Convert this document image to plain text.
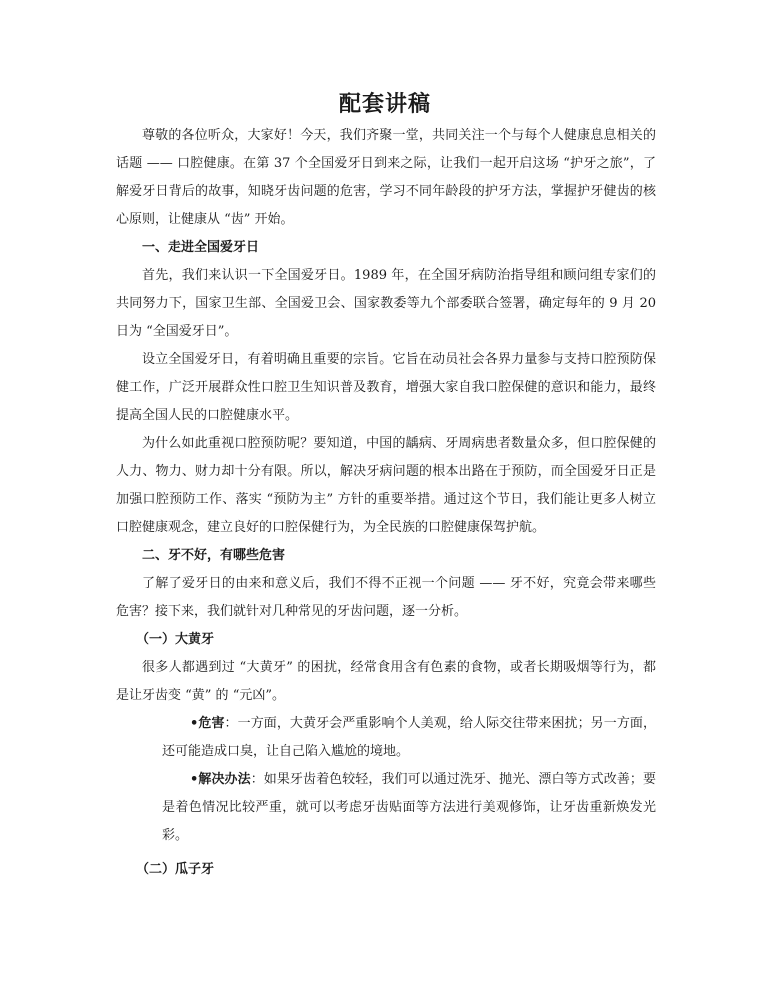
配套讲稿

尊敬的各位听众，大家好！今天，我们齐聚一堂，共同关注一个与每个人健康息息相关的话题 —— 口腔健康。在第 37 个全国爱牙日到来之际，让我们一起开启这场 “护牙之旅”，了解爱牙日背后的故事，知晓牙齿问题的危害，学习不同年龄段的护牙方法，掌握护牙健齿的核心原则，让健康从 “齿” 开始。

一、走进全国爱牙日

首先，我们来认识一下全国爱牙日。1989 年，在全国牙病防治指导组和顾问组专家们的共同努力下，国家卫生部、全国爱卫会、国家教委等九个部委联合签署，确定每年的 9 月 20 日为 “全国爱牙日”。

设立全国爱牙日，有着明确且重要的宗旨。它旨在动员社会各界力量参与支持口腔预防保健工作，广泛开展群众性口腔卫生知识普及教育，增强大家自我口腔保健的意识和能力，最终提高全国人民的口腔健康水平。

为什么如此重视口腔预防呢？要知道，中国的龋病、牙周病患者数量众多，但口腔保健的人力、物力、财力却十分有限。所以，解决牙病问题的根本出路在于预防，而全国爱牙日正是加强口腔预防工作、落实 “预防为主” 方针的重要举措。通过这个节日，我们能让更多人树立口腔健康观念，建立良好的口腔保健行为，为全民族的口腔健康保驾护航。

二、牙不好，有哪些危害

了解了爱牙日的由来和意义后，我们不得不正视一个问题 —— 牙不好，究竟会带来哪些危害？接下来，我们就针对几种常见的牙齿问题，逐一分析。

（一）大黄牙

很多人都遇到过 “大黄牙” 的困扰，经常食用含有色素的食物，或者长期吸烟等行为，都是让牙齿变 “黄” 的 “元凶”。

•危害：一方面，大黄牙会严重影响个人美观，给人际交往带来困扰；另一方面，还可能造成口臭，让自己陷入尴尬的境地。

•解决办法：如果牙齿着色较轻，我们可以通过洗牙、抛光、漂白等方式改善；要是着色情况比较严重，就可以考虑牙齿贴面等方法进行美观修饰，让牙齿重新焕发光彩。

（二）瓜子牙
